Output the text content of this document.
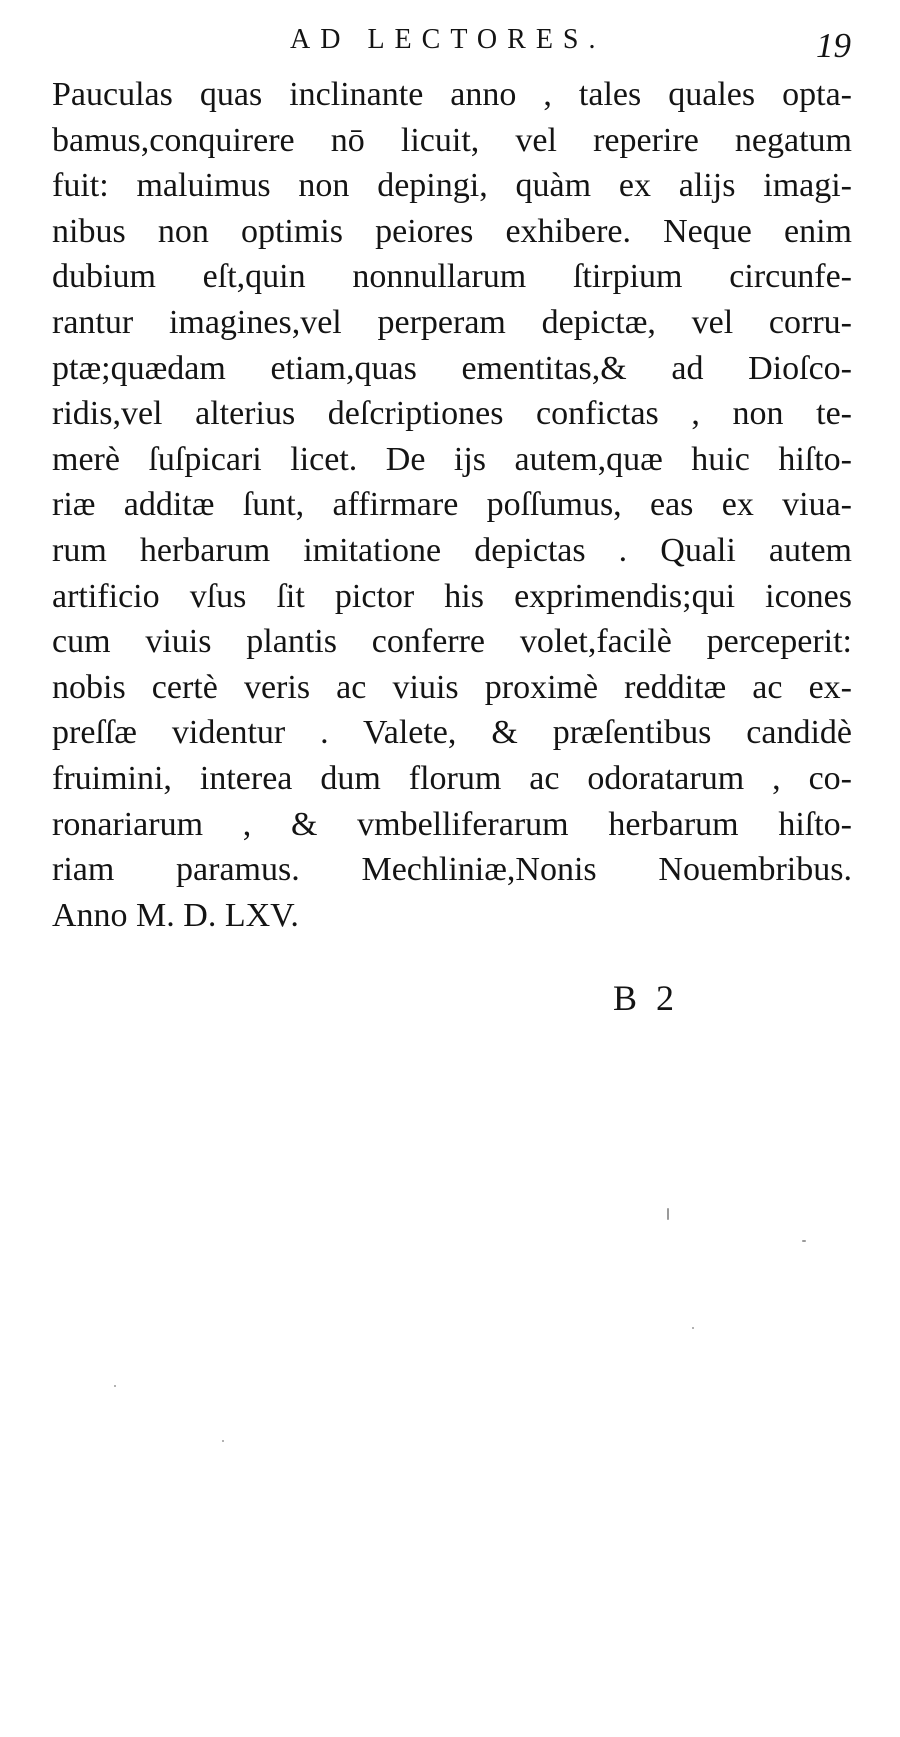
AD LECTORES.	19
Pauculas quas inclinante anno , tales quales opta-
bamus,conquirere nō licuit, vel reperire negatum
fuit: maluimus non depingi, quàm ex alijs imagi-
nibus non optimis peiores exhibere. Neque enim
dubium eſt,quin nonnullarum ſtirpium circunfe-
rantur imagines,vel perperam depictæ, vel corru-
ptæ;quædam etiam,quas ementitas,& ad Dioſco-
ridis,vel alterius deſcriptiones confictas , non te-
merè ſuſpicari licet. De ijs autem,quæ huic hiſto-
riæ additæ ſunt, affirmare poſſumus, eas ex viua-
rum herbarum imitatione depictas . Quali autem
artificio vſus ſit pictor his exprimendis;qui icones
cum viuis plantis conferre volet,facilè perceperit:
nobis certè veris ac viuis proximè redditæ ac ex-
preſſæ videntur . Valete, & præſentibus candidè
fruimini, interea dum florum ac odoratarum , co-
ronariarum , & vmbelliferarum herbarum hiſto-
riam paramus. Mechliniæ,Nonis Nouembribus.
Anno M. D. LXV.
B 2
